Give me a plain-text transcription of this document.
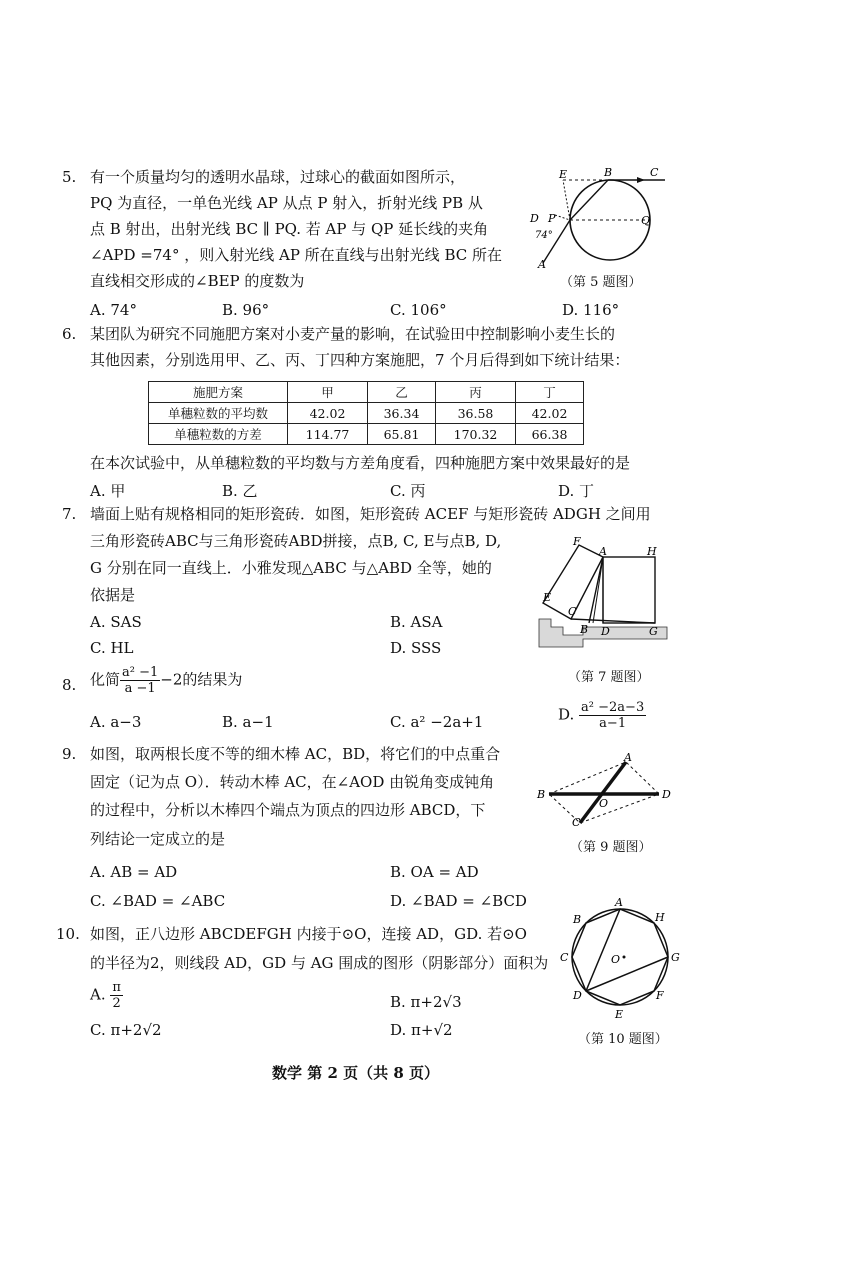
5. 有一个质量均匀的透明水晶球，过球心的截面如图所示，
PQ 为直径，一单色光线 AP 从点 P 射入，折射光线 PB 从
点 B 射出，出射光线 BC ∥ PQ. 若 AP 与 QP 延长线的夹角
∠APD =74° ，则入射光线 AP 所在直线与出射光线 BC 所在
直线相交形成的∠BEP 的度数为
A. 74°	B. 96°	C. 106°	D. 116°
E	B	C
D P	Q
A
74°
（第 5 题图）
6. 某团队为研究不同施肥方案对小麦产量的影响，在试验田中控制影响小麦生长的
其他因素，分别选用甲、乙、丙、丁四种方案施肥，7 个月后得到如下统计结果：
施肥方案	甲	乙	丙	丁
单穗粒数的平均数	42.02	36.34	36.58	42.02
单穗粒数的方差	114.77	65.81	170.32	66.38
在本次试验中，从单穗粒数的平均数与方差角度看，四种施肥方案中效果最好的是
A. 甲	B. 乙	C. 丙	D. 丁
7. 墙面上贴有规格相同的矩形瓷砖．如图，矩形瓷砖 ACEF 与矩形瓷砖 ADGH 之间用
三角形瓷砖ABC与三角形瓷砖ABD拼接，点B, C, E与点B, D,
G 分别在同一直线上．小雅发现△ABC 与△ABD 全等，她的
依据是
A. SAS	B. ASA
C. HL	D. SSS
F
A	H
E
C
B D	G
（第 7 题图）
8. 化简 $\frac{\text{a² −1}}{a -1} -2$的结果为
A. a−3	B. a−1	C. a² −2a+1	D. $\frac{\text{a² −2a−3}}{a-1}$
9. 如图，取两根长度不等的细木棒 AC，BD，将它们的中点重合
固定（记为点 O）．转动木棒 AC，在∠AOD 由锐角变成钝角
的过程中，分析以木棒四个端点为顶点的四边形 ABCD，下
列结论一定成立的是
A. AB = AD	B. OA = AD
C. ∠BAD = ∠ABC	D. ∠BAD = ∠BCD
A
B	D
O
C
（第 9 题图）
10. 如图，正八边形 ABCDEFGH 内接于⊙O，连接 AD，GD. 若⊙O
的半径为2，则线段 AD，GD 与 AG 围成的图形（阴影部分）面积为
A. $\frac{\pi}{2}$	B. π+2√3
C. π+2√2	D. π+√2
A
H
B
C	G
D	F
E
O
（第 10 题图）
数学 第 2 页（共 8 页）
